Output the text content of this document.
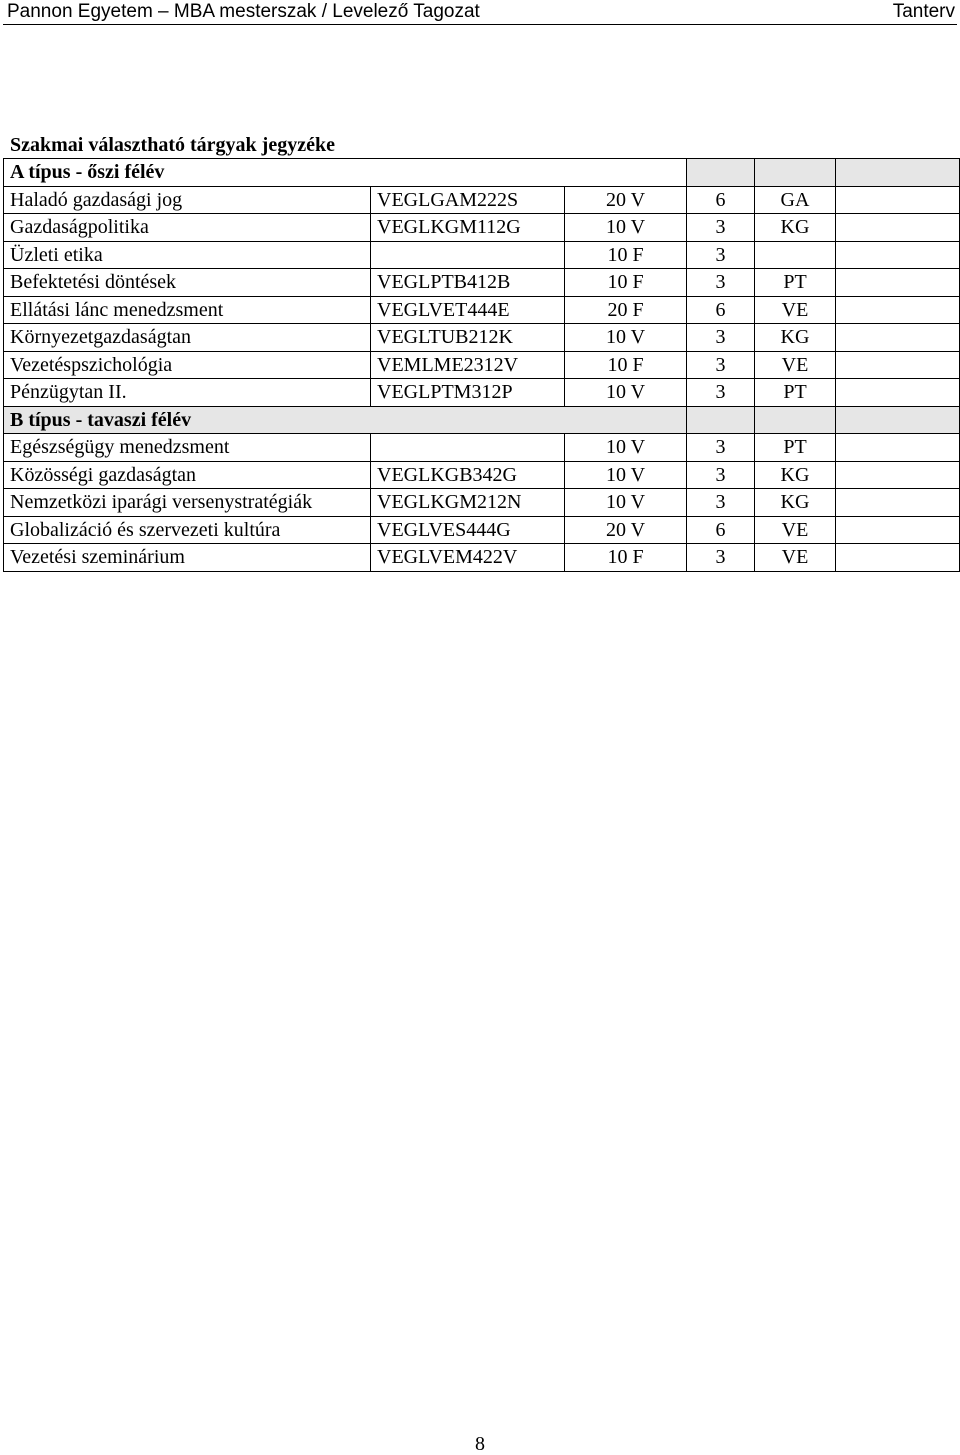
Pannon Egyetem – MBA mesterszak / Levelező Tagozat	Tanterv
Szakmai választható tárgyak jegyzéke
A típus - őszi félév					
Haladó gazdasági jog	VEGLGAM222S	20 V	6	GA	
Gazdaságpolitika	VEGLKGM112G	10 V	3	KG	
Üzleti etika		10 F	3		
Befektetési döntések	VEGLPTB412B	10 F	3	PT	
Ellátási lánc menedzsment	VEGLVET444E	20 F	6	VE	
Környezetgazdaságtan	VEGLTUB212K	10 V	3	KG	
Vezetéspszichológia	VEMLME2312V	10 F	3	VE	
Pénzügytan II.	VEGLPTM312P	10 V	3	PT	
B típus - tavaszi félév					
Egészségügy menedzsment		10 V	3	PT	
Közösségi gazdaságtan	VEGLKGB342G	10 V	3	KG	
Nemzetközi iparági versenystratégiák	VEGLKGM212N	10 V	3	KG	
Globalizáció és szervezeti kultúra	VEGLVES444G	20 V	6	VE	
Vezetési szeminárium	VEGLVEM422V	10 F	3	VE	
8
